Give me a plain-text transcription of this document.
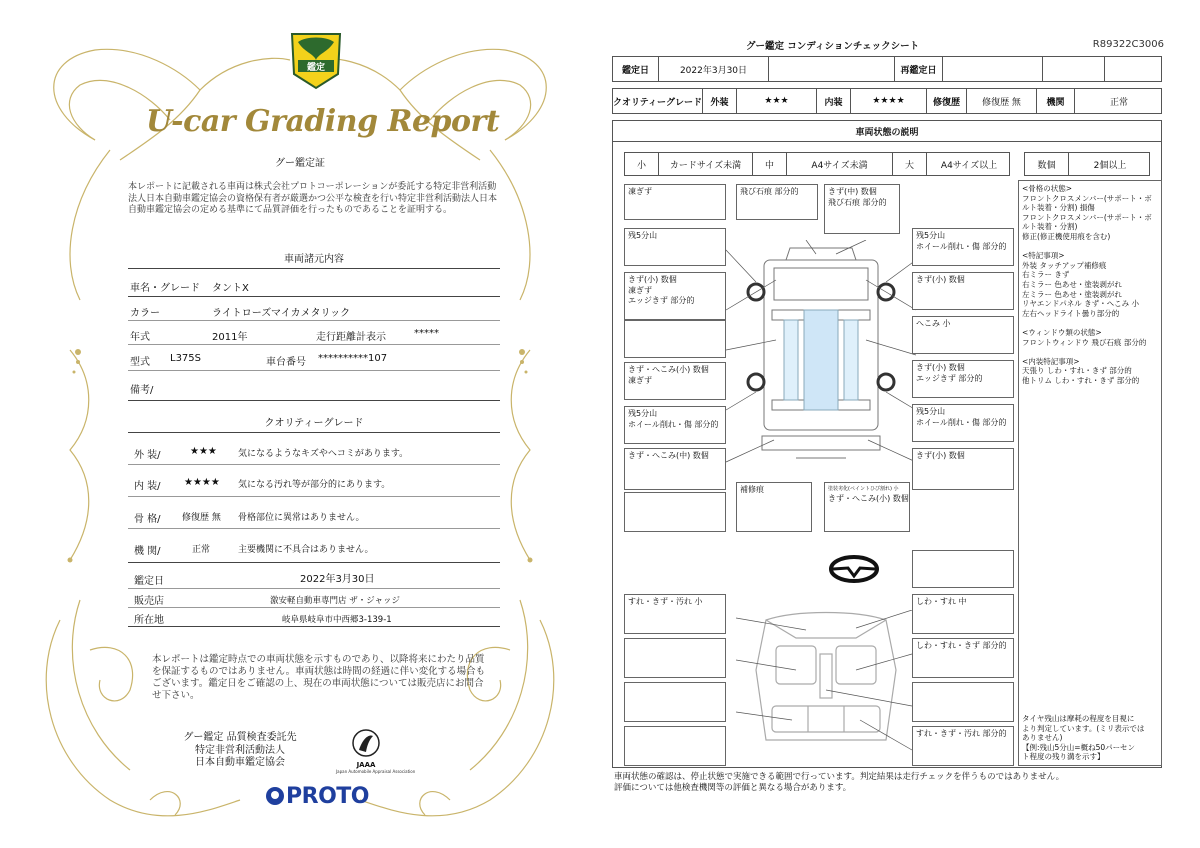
鑑定
U-car Grading Report
グー鑑定証
本レポートに記載される車両は株式会社プロトコーポレーションが委託する特定非営利活動法人日本自動車鑑定協会の資格保有者が厳選かつ公平な検査を行い特定非営利活動法人日本自動車鑑定協会の定める基準にて品質評価を行ったものであることを証明する。
車両諸元内容
車名・グレード タントX
カラー	ライトローズマイカメタリック
年式	2011年	走行距離計表示	*****
型式 L375S	車台番号 **********107
備考/
クオリティーグレード
外 装/	★★★ 気になるようなキズやヘコミがあります。
内 装/ ★★★★ 気になる汚れ等が部分的にあります。
骨 格/ 修復歴 無 骨格部位に異常はありません。
機 関/	正常	主要機関に不具合はありません。
鑑定日	2022年3月30日
販売店	激安軽自動車専門店 ザ・ジャッジ
所在地	岐阜県岐阜市中西郷3-139-1
本レポートは鑑定時点での車両状態を示すものであり、以降将来にわたり品質を保証するものではありません。車両状態は時間の経過に伴い変化する場合もございます。鑑定日をご確認の上、現在の車両状態については販売店にお問合せ下さい。
グー鑑定 品質検査委託先
特定非営利活動法人
日本自動車鑑定協会	JAAA
Japan Automobile Appraisal Association
PROTO
グー鑑定 コンディションチェックシート	R89322C3006
鑑定日	2022年3月30日	再鑑定日
クオリティーグレード 外装	★★★	内装	★★★★	修復歴	修復歴 無	機関	正常
車両状態の説明
小	カードサイズ未満	中	A4サイズ未満	大	A4サイズ以上	数個	2個以上
凍ぎず	飛び石痕 部分的	きず(中) 数個
飛び石痕 部分的
残5分山
きず(小) 数個
凍ぎず
エッジきず 部分的
きず・へこみ(小) 数個
凍ぎず
残5分山
ホイール削れ・傷 部分的
きず・へこみ(中) 数個
残5分山
ホイール削れ・傷 部分的
きず(小) 数個
へこみ 小
きず(小) 数個
エッジきず 部分的
残5分山
ホイール削れ・傷 部分的
きず(小) 数個
補修痕	塗装劣化(ペイントひび割れ) 小
きず・へこみ(小) 数個
すれ・きず・汚れ 小	しわ・すれ 中
しわ・すれ・きず 部分的
すれ・きず・汚れ 部分的

<骨格の状態>

フロントクロスメンバー(サポート・ボ

ルト装着・分割) 損傷

フロントクロスメンバー(サポート・ボ

ルト装着・分割)

修正(修正機使用痕を含む)

<特記事項>

外装 タッチアップ補修痕

右ミラー きず

右ミラー 色あせ・塗装剥がれ

左ミラー 色あせ・塗装剥がれ

リヤエンドパネル きず・へこみ 小

左右ヘッドライト曇り部分的

<ウィンドウ類の状態>

フロントウィンドウ 飛び石痕 部分的

<内装特記事項>

天張り しわ・すれ・きず 部分的

他トリム しわ・すれ・きず 部分的

タイヤ残山は摩耗の程度を目視に
より判定しています。(ミリ表示では
ありません)
【例:残山5分山=概ね50パーセン
ト程度の残り溝を示す】
車両状態の確認は、停止状態で実施できる範囲で行っています。判定結果は走行チェックを伴うものではありません。
評価については他検査機関等の評価と異なる場合があります。
